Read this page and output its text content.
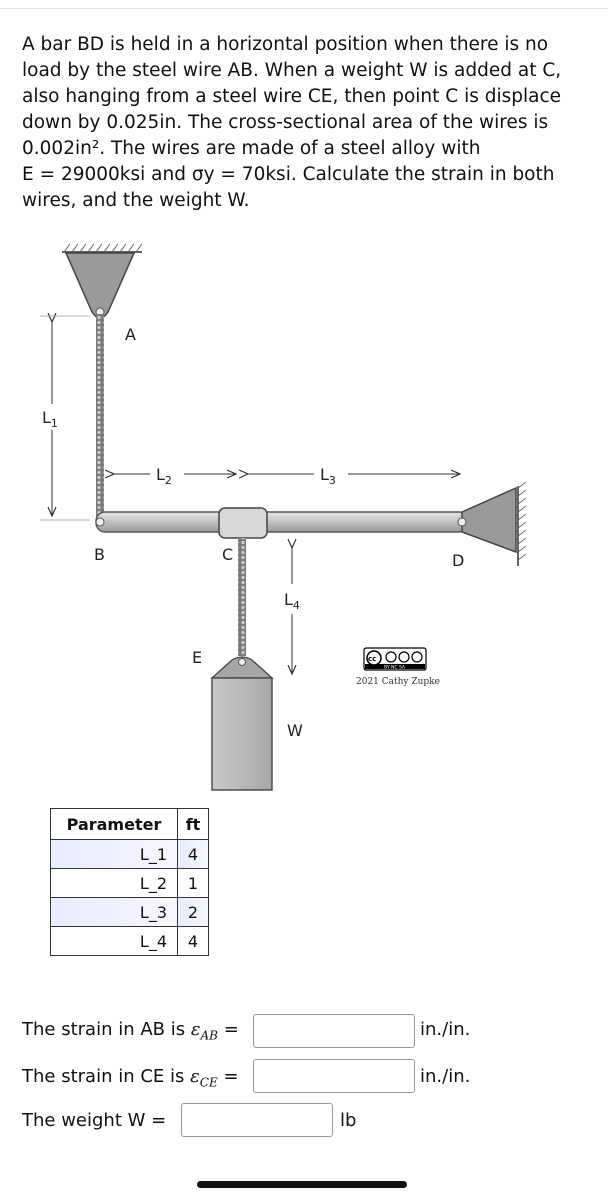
A bar BD is held in a horizontal position when there is no
load by the steel wire AB. When a weight W is added at C,
also hanging from a steel wire CE, then point C is displace
down by 0.025in. The cross-sectional area of the wires is
0.002in². The wires are made of a steel alloy with
E = 29000ksi and σy = 70ksi. Calculate the strain in both
wires, and the weight W.
$L_1$
$L_2$	$L_3$
$L_4$
A
B	C	D
E
W
cc
BY NC SA
2021 Cathy Zupke
Parameter	ft
L_1	4
L_2	1
L_3	2
L_4	4
The strain in AB is $\varepsilon_{AB}$ =	in./in.
The strain in CE is $\varepsilon_{CE}$ =	in./in.
The weight W =	lb
